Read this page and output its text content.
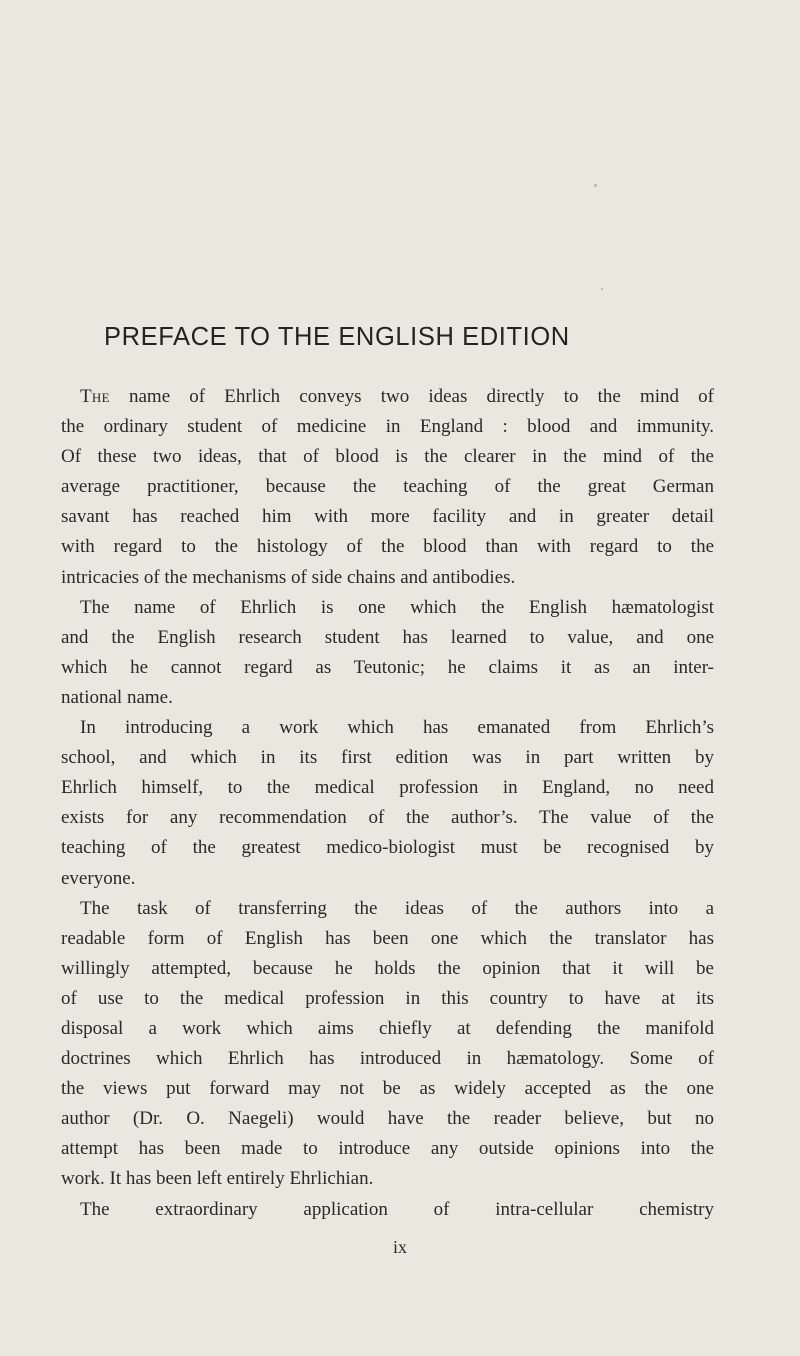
PREFACE TO THE ENGLISH EDITION
The name of Ehrlich conveys two ideas directly to the mind of
the ordinary student of medicine in England : blood and immunity.
Of these two ideas, that of blood is the clearer in the mind of the
average practitioner, because the teaching of the great German
savant has reached him with more facility and in greater detail
with regard to the histology of the blood than with regard to the
intricacies of the mechanisms of side chains and antibodies.
The name of Ehrlich is one which the English hæmatologist
and the English research student has learned to value, and one
which he cannot regard as Teutonic; he claims it as an inter-
national name.
In introducing a work which has emanated from Ehrlich’s
school, and which in its first edition was in part written by
Ehrlich himself, to the medical profession in England, no need
exists for any recommendation of the author’s. The value of the
teaching of the greatest medico-biologist must be recognised by
everyone.
The task of transferring the ideas of the authors into a
readable form of English has been one which the translator has
willingly attempted, because he holds the opinion that it will be
of use to the medical profession in this country to have at its
disposal a work which aims chiefly at defending the manifold
doctrines which Ehrlich has introduced in hæmatology. Some of
the views put forward may not be as widely accepted as the one
author (Dr. O. Naegeli) would have the reader believe, but no
attempt has been made to introduce any outside opinions into the
work. It has been left entirely Ehrlichian.
The extraordinary application of intra-cellular chemistry
ix
